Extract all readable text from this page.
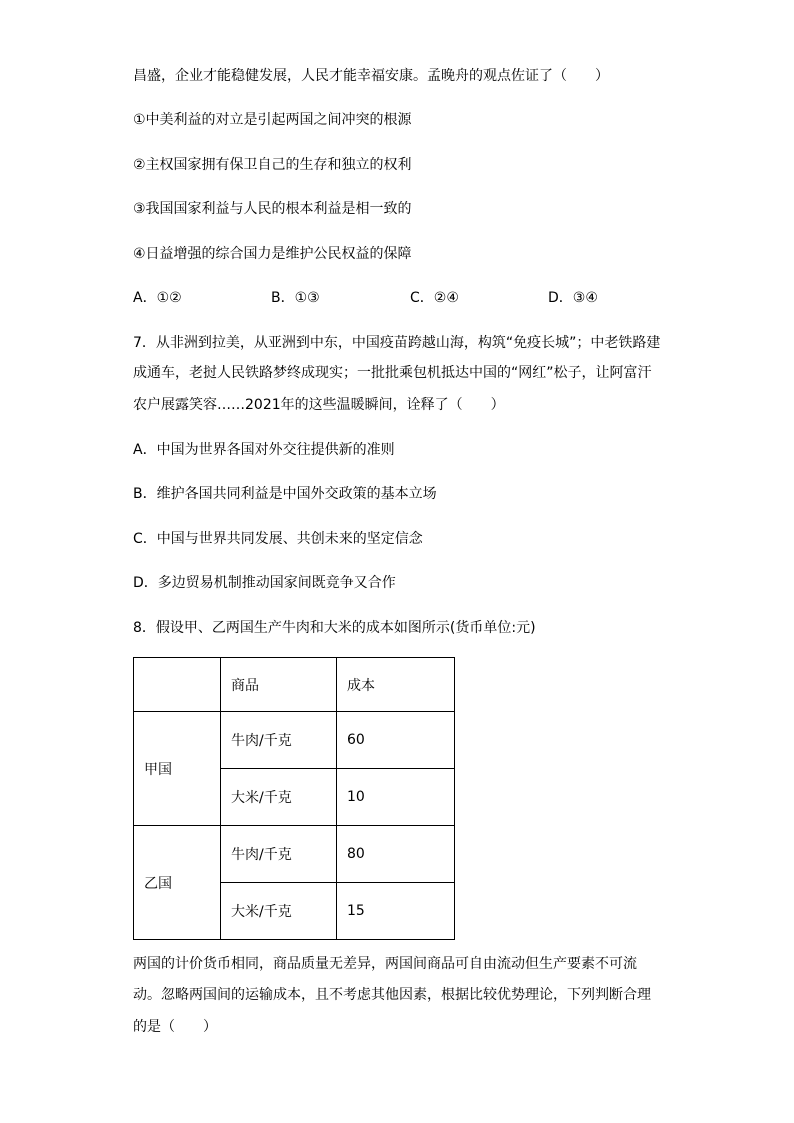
昌盛，企业才能稳健发展，人民才能幸福安康。孟晚舟的观点佐证了（　　）
①中美利益的对立是引起两国之间冲突的根源
②主权国家拥有保卫自己的生存和独立的权利
③我国国家利益与人民的根本利益是相一致的
④日益增强的综合国力是维护公民权益的保障
A．①②	B．①③	C．②④	D．③④
7．从非洲到拉美，从亚洲到中东，中国疫苗跨越山海，构筑“免疫长城”；中老铁路建
成通车，老挝人民铁路梦终成现实；一批批乘包机抵达中国的“网红”松子，让阿富汗
农户展露笑容……2021年的这些温暖瞬间，诠释了（　　）
A．中国为世界各国对外交往提供新的准则
B．维护各国共同利益是中国外交政策的基本立场
C．中国与世界共同发展、共创未来的坚定信念
D．多边贸易机制推动国家间既竞争又合作
8．假设甲、乙两国生产牛肉和大米的成本如图所示(货币单位:元)
	商品	成本
甲国	牛肉/千克	60
	大米/千克	10
乙国	牛肉/千克	80
	大米/千克	15
两国的计价货币相同，商品质量无差异，两国间商品可自由流动但生产要素不可流
动。忽略两国间的运输成本，且不考虑其他因素，根据比较优势理论，下列判断合理
的是（　　）
